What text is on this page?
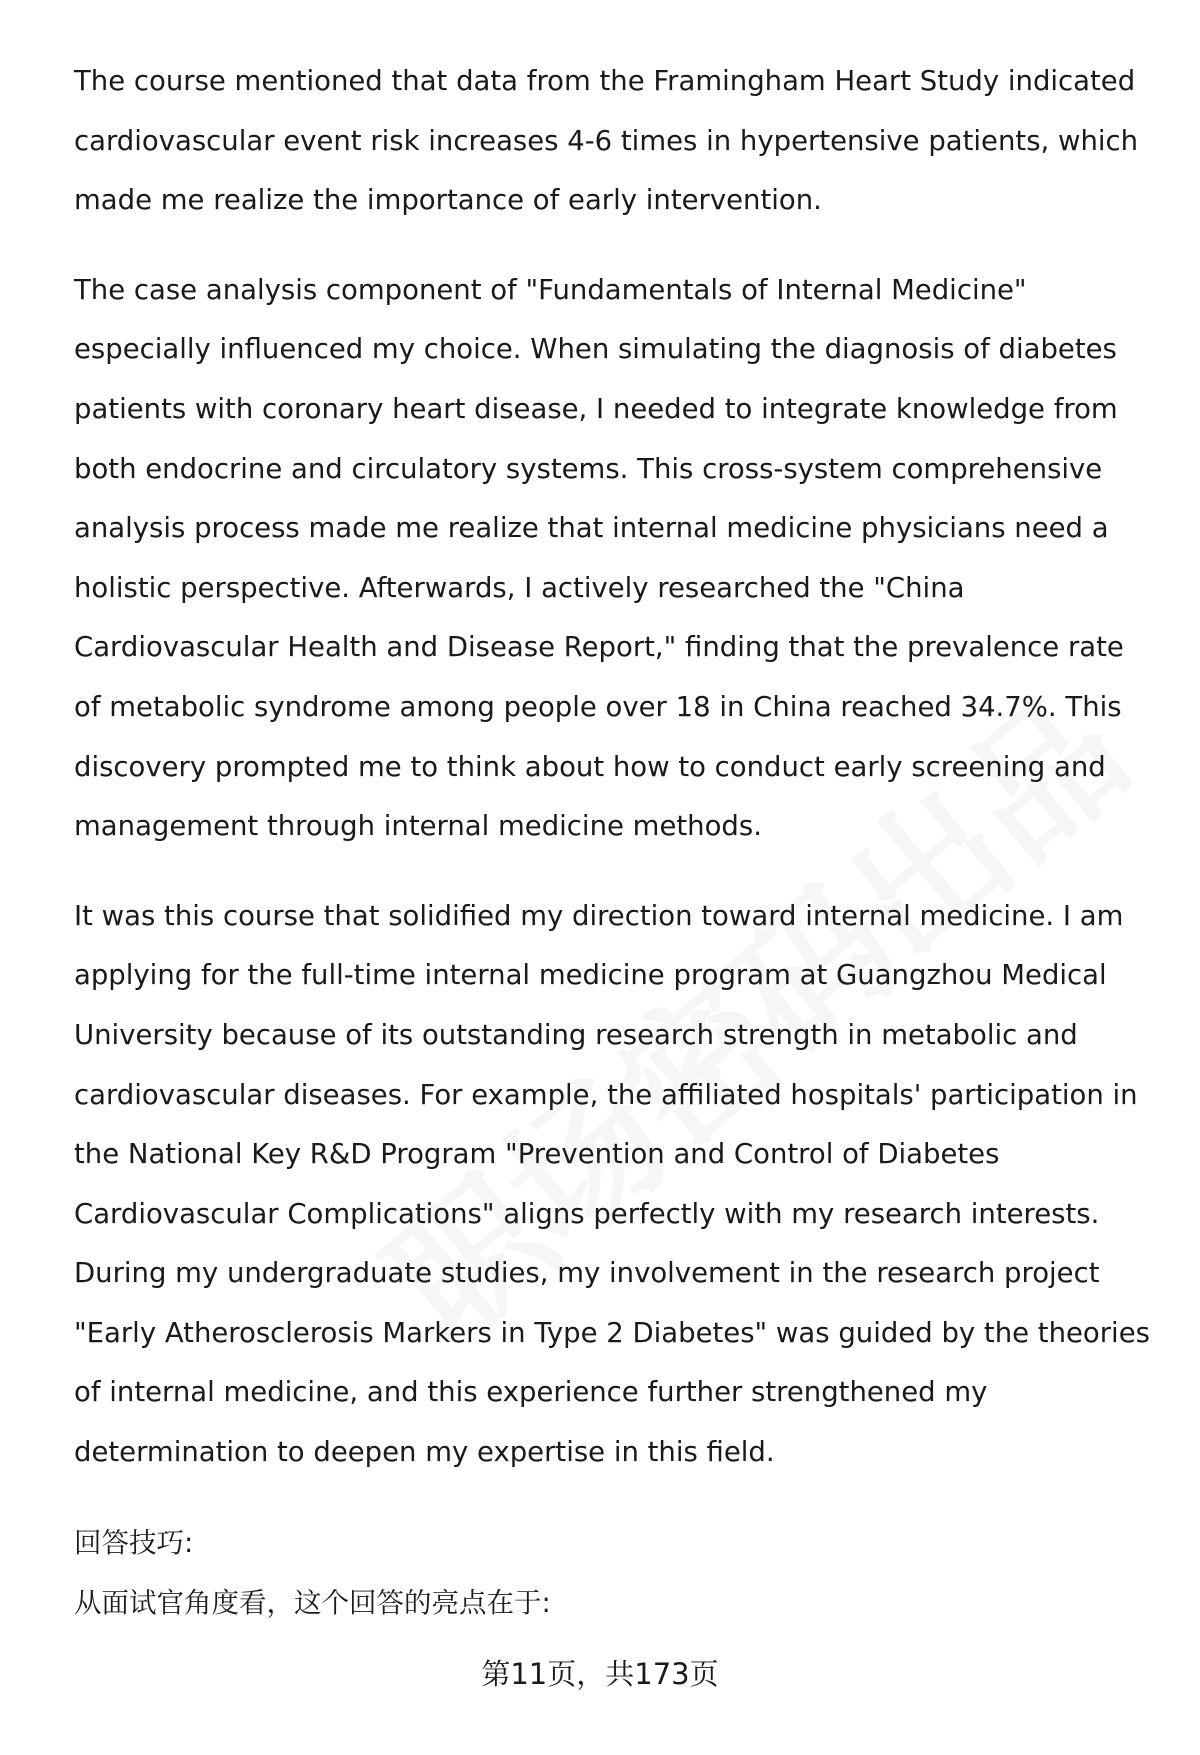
The course mentioned that data from the Framingham Heart Study indicated cardiovascular event risk increases 4-6 times in hypertensive patients, which made me realize the importance of early intervention.

The case analysis component of "Fundamentals of Internal Medicine" especially influenced my choice. When simulating the diagnosis of diabetes patients with coronary heart disease, I needed to integrate knowledge from both endocrine and circulatory systems. This cross-system comprehensive analysis process made me realize that internal medicine physicians need a holistic perspective. Afterwards, I actively researched the "China Cardiovascular Health and Disease Report," finding that the prevalence rate of metabolic syndrome among people over 18 in China reached 34.7%. This discovery prompted me to think about how to conduct early screening and management through internal medicine methods.

It was this course that solidified my direction toward internal medicine. I am applying for the full-time internal medicine program at Guangzhou Medical University because of its outstanding research strength in metabolic and cardiovascular diseases. For example, the affiliated hospitals' participation in the National Key R&D Program "Prevention and Control of Diabetes Cardiovascular Complications" aligns perfectly with my research interests. During my undergraduate studies, my involvement in the research project "Early Atherosclerosis Markers in Type 2 Diabetes" was guided by the theories of internal medicine, and this experience further strengthened my determination to deepen my expertise in this field.

回答技巧:

从面试官角度看，这个回答的亮点在于:

第11页，共173页
